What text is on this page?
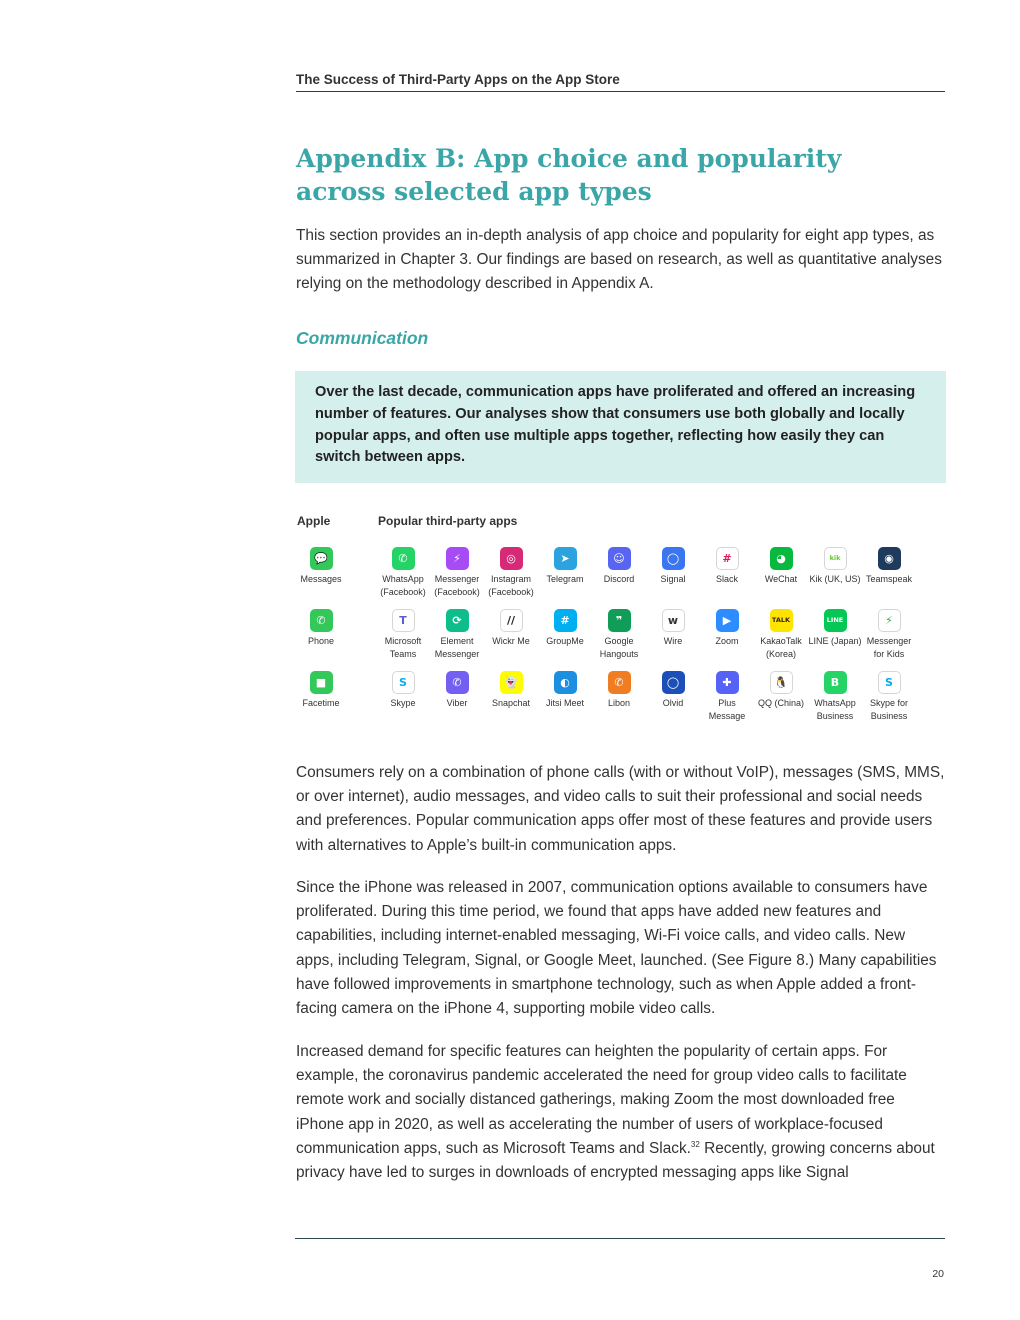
The Success of Third-Party Apps on the App Store
Appendix B: App choice and popularity across selected app types

This section provides an in-depth analysis of app choice and popularity for eight app types, as summarized in Chapter 3. Our findings are based on research, as well as quantitative analyses relying on the methodology described in Appendix A.

Communication
Over the last decade, communication apps have proliferated and offered an increasing number of features. Our analyses show that consumers use both globally and locally popular apps, and often use multiple apps together, reflecting how easily they can switch between apps.
Apple	Popular third-party apps
💬
Messages
✆
Phone
■
Facetime
✆
WhatsApp (Facebook)
⚡
Messenger (Facebook)
◎
Instagram (Facebook)
➤
Telegram
☺
Discord
◯
Signal
#
Slack
◕
WeChat
kik
Kik (UK, US)
◉
Teamspeak
T
Microsoft Teams
⟳
Element Messenger
//
Wickr Me
#
GroupMe
❞
Google Hangouts
w
Wire
▶
Zoom
TALK
KakaoTalk (Korea)
LINE
LINE (Japan)
⚡
Messenger for Kids
S
Skype
✆
Viber
👻
Snapchat
◐
Jitsi Meet
✆
Libon
◯
Olvid
✚
Plus Message
🐧
QQ (China)
B
WhatsApp Business
S
Skype for Business

Consumers rely on a combination of phone calls (with or without VoIP), messages (SMS, MMS, or over internet), audio messages, and video calls to suit their professional and social needs and preferences. Popular communication apps offer most of these features and provide users with alternatives to Apple’s built-in communication apps.

Since the iPhone was released in 2007, communication options available to consumers have proliferated. During this time period, we found that apps have added new features and capabilities, including internet-enabled messaging, Wi-Fi voice calls, and video calls. New apps, including Telegram, Signal, or Google Meet, launched. (See Figure 8.) Many capabilities have followed improvements in smartphone technology, such as when Apple added a front-facing camera on the iPhone 4, supporting mobile video calls.

Increased demand for specific features can heighten the popularity of certain apps. For example, the coronavirus pandemic accelerated the need for group video calls to facilitate remote work and socially distanced gatherings, making Zoom the most downloaded free iPhone app in 2020, as well as accelerating the number of users of workplace-focused communication apps, such as Microsoft Teams and Slack.$^{32}$ Recently, growing concerns about privacy have led to surges in downloads of encrypted messaging apps like Signal

20
